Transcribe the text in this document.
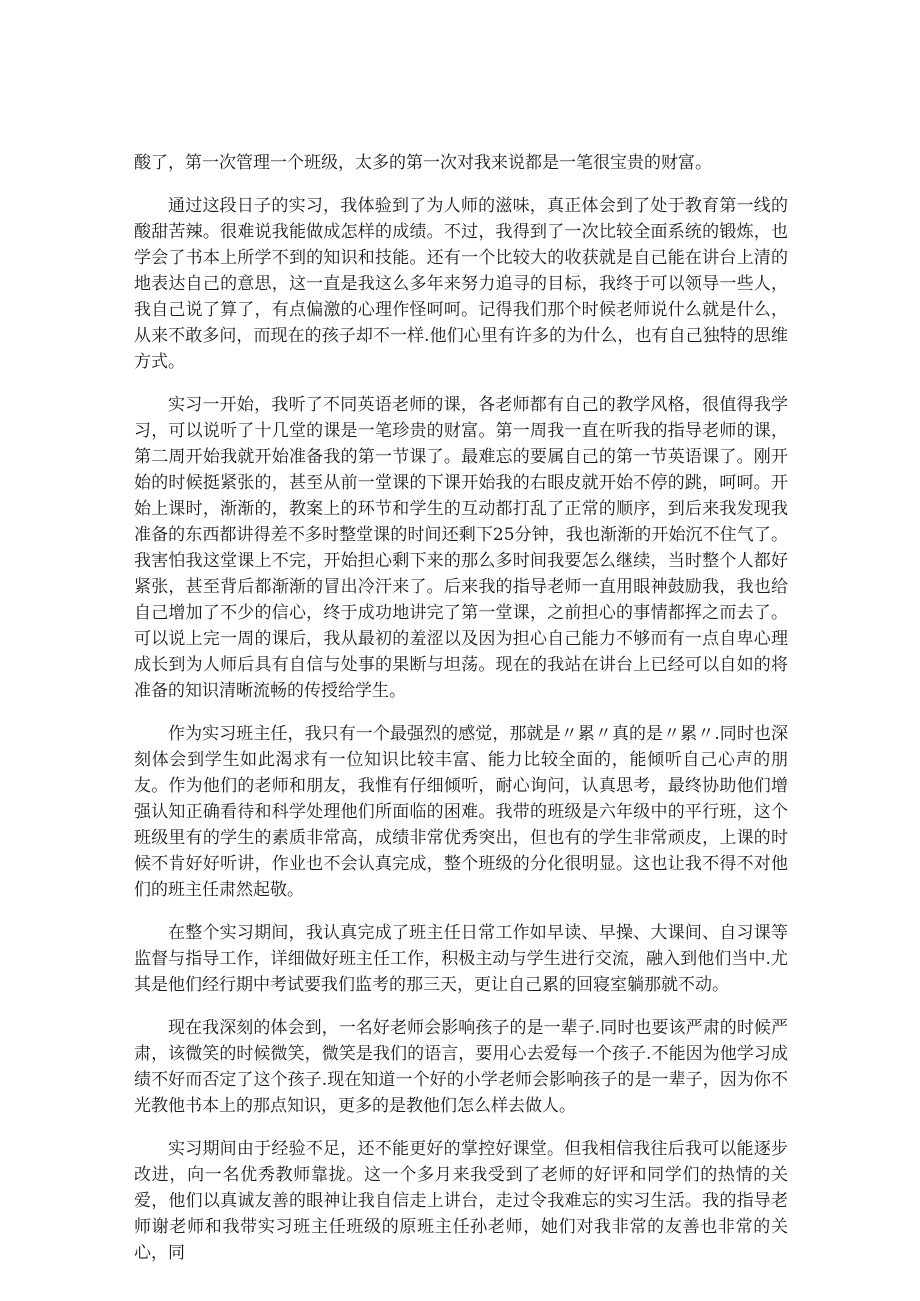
酸了，第一次管理一个班级，太多的第一次对我来说都是一笔很宝贵的财富。

通过这段日子的实习，我体验到了为人师的滋味，真正体会到了处于教育第一线的酸甜苦辣。很难说我能做成怎样的成绩。不过，我得到了一次比较全面系统的锻炼，也学会了书本上所学不到的知识和技能。还有一个比较大的收获就是自己能在讲台上清的地表达自己的意思，这一直是我这么多年来努力追寻的目标，我终于可以领导一些人，我自己说了算了，有点偏激的心理作怪呵呵。记得我们那个时候老师说什么就是什么，从来不敢多问，而现在的孩子却不一样.他们心里有许多的为什么，也有自己独特的思维方式。

实习一开始，我听了不同英语老师的课，各老师都有自己的教学风格，很值得我学习，可以说听了十几堂的课是一笔珍贵的财富。第一周我一直在听我的指导老师的课，第二周开始我就开始准备我的第一节课了。最难忘的要属自己的第一节英语课了。刚开始的时候挺紧张的，甚至从前一堂课的下课开始我的右眼皮就开始不停的跳，呵呵。开始上课时，渐渐的，教案上的环节和学生的互动都打乱了正常的顺序，到后来我发现我准备的东西都讲得差不多时整堂课的时间还剩下25分钟，我也渐渐的开始沉不住气了。我害怕我这堂课上不完，开始担心剩下来的那么多时间我要怎么继续，当时整个人都好紧张，甚至背后都渐渐的冒出冷汗来了。后来我的指导老师一直用眼神鼓励我，我也给自己增加了不少的信心，终于成功地讲完了第一堂课，之前担心的事情都挥之而去了。可以说上完一周的课后，我从最初的羞涩以及因为担心自己能力不够而有一点自卑心理成长到为人师后具有自信与处事的果断与坦荡。现在的我站在讲台上已经可以自如的将准备的知识清晰流畅的传授给学生。

作为实习班主任，我只有一个最强烈的感觉，那就是〃累〃真的是〃累〃.同时也深刻体会到学生如此渴求有一位知识比较丰富、能力比较全面的，能倾听自己心声的朋友。作为他们的老师和朋友，我惟有仔细倾听，耐心询问，认真思考，最终协助他们增强认知正确看待和科学处理他们所面临的困难。我带的班级是六年级中的平行班，这个班级里有的学生的素质非常高，成绩非常优秀突出，但也有的学生非常顽皮，上课的时候不肯好好听讲，作业也不会认真完成，整个班级的分化很明显。这也让我不得不对他们的班主任肃然起敬。

在整个实习期间，我认真完成了班主任日常工作如早读、早操、大课间、自习课等监督与指导工作，详细做好班主任工作，积极主动与学生进行交流，融入到他们当中.尤其是他们经行期中考试要我们监考的那三天，更让自己累的回寝室躺那就不动。

现在我深刻的体会到，一名好老师会影响孩子的是一辈子.同时也要该严肃的时候严肃，该微笑的时候微笑，微笑是我们的语言，要用心去爱每一个孩子.不能因为他学习成绩不好而否定了这个孩子.现在知道一个好的小学老师会影响孩子的是一辈子，因为你不光教他书本上的那点知识，更多的是教他们怎么样去做人。

实习期间由于经验不足，还不能更好的掌控好课堂。但我相信我往后我可以能逐步改进，向一名优秀教师靠拢。这一个多月来我受到了老师的好评和同学们的热情的关爱，他们以真诚友善的眼神让我自信走上讲台，走过令我难忘的实习生活。我的指导老师谢老师和我带实习班主任班级的原班主任孙老师，她们对我非常的友善也非常的关心，同
